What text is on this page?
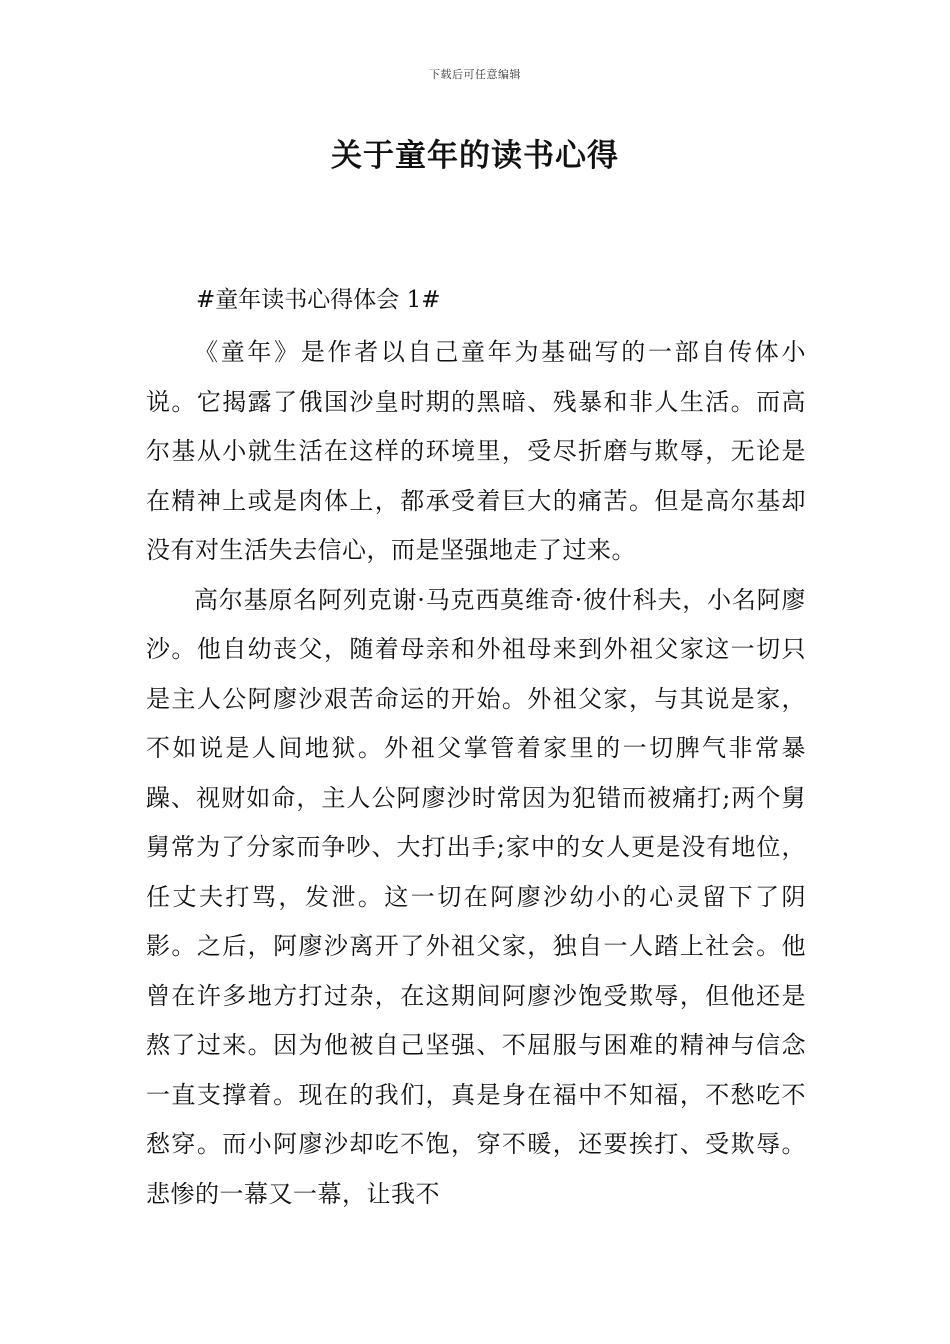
下载后可任意编辑
关于童年的读书心得
#童年读书心得体会 1#

《童年》是作者以自己童年为基础写的一部自传体小说。它揭露了俄国沙皇时期的黑暗、残暴和非人生活。而高尔基从小就生活在这样的环境里，受尽折磨与欺辱，无论是在精神上或是肉体上，都承受着巨大的痛苦。但是高尔基却没有对生活失去信心，而是坚强地走了过来。

高尔基原名阿列克谢·马克西莫维奇·彼什科夫，小名阿廖沙。他自幼丧父，随着母亲和外祖母来到外祖父家这一切只是主人公阿廖沙艰苦命运的开始。外祖父家，与其说是家，不如说是人间地狱。外祖父掌管着家里的一切脾气非常暴躁、视财如命，主人公阿廖沙时常因为犯错而被痛打;两个舅舅常为了分家而争吵、大打出手;家中的女人更是没有地位，任丈夫打骂，发泄。这一切在阿廖沙幼小的心灵留下了阴影。之后，阿廖沙离开了外祖父家，独自一人踏上社会。他曾在许多地方打过杂，在这期间阿廖沙饱受欺辱，但他还是熬了过来。因为他被自己坚强、不屈服与困难的精神与信念一直支撑着。现在的我们，真是身在福中不知福，不愁吃不愁穿。而小阿廖沙却吃不饱，穿不暖，还要挨打、受欺辱。悲惨的一幕又一幕，让我不
